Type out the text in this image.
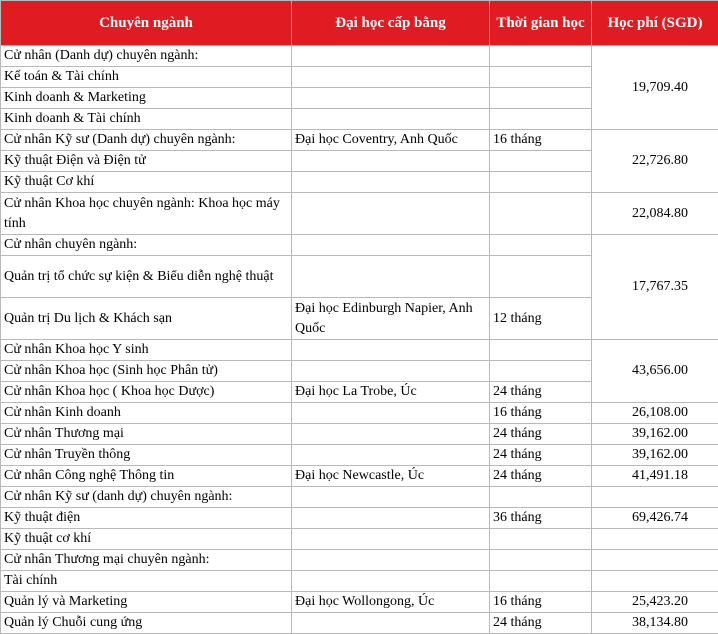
Chuyên ngành	Đại học cấp bằng	Thời gian học	Học phí (SGD)
Cử nhân (Danh dự) chuyên ngành:			19,709.40
Kế toán & Tài chính			
Kinh doanh & Marketing			
Kinh doanh & Tài chính			
Cử nhân Kỹ sư (Danh dự) chuyên ngành:	Đại học Coventry, Anh Quốc	16 tháng	22,726.80
Kỹ thuật Điện và Điện tử			
Kỹ thuật Cơ khí			
Cử nhân Khoa học chuyên ngành: Khoa học máy tính			22,084.80
Cử nhân chuyên ngành:			17,767.35
Quản trị tổ chức sự kiện & Biểu diễn nghệ thuật			
Quản trị Du lịch & Khách sạn	Đại học Edinburgh Napier, Anh Quốc	12 tháng	
Cử nhân Khoa học Y sinh			43,656.00
Cử nhân Khoa học (Sinh học Phân tử)			
Cử nhân Khoa học ( Khoa học Dược)	Đại học La Trobe, Úc	24 tháng	
Cử nhân Kinh doanh		16 tháng	26,108.00
Cử nhân Thương mại		24 tháng	39,162.00
Cử nhân Truyền thông		24 tháng	39,162.00
Cử nhân Công nghệ Thông tin	Đại học Newcastle, Úc	24 tháng	41,491.18
Cử nhân Kỹ sư (danh dự) chuyên ngành:			
Kỹ thuật điện		36 tháng	69,426.74
Kỹ thuật cơ khí			
Cử nhân Thương mại chuyên ngành:			
Tài chính			
Quản lý và Marketing	Đại học Wollongong, Úc	16 tháng	25,423.20
Quản lý Chuỗi cung ứng		24 tháng	38,134.80
